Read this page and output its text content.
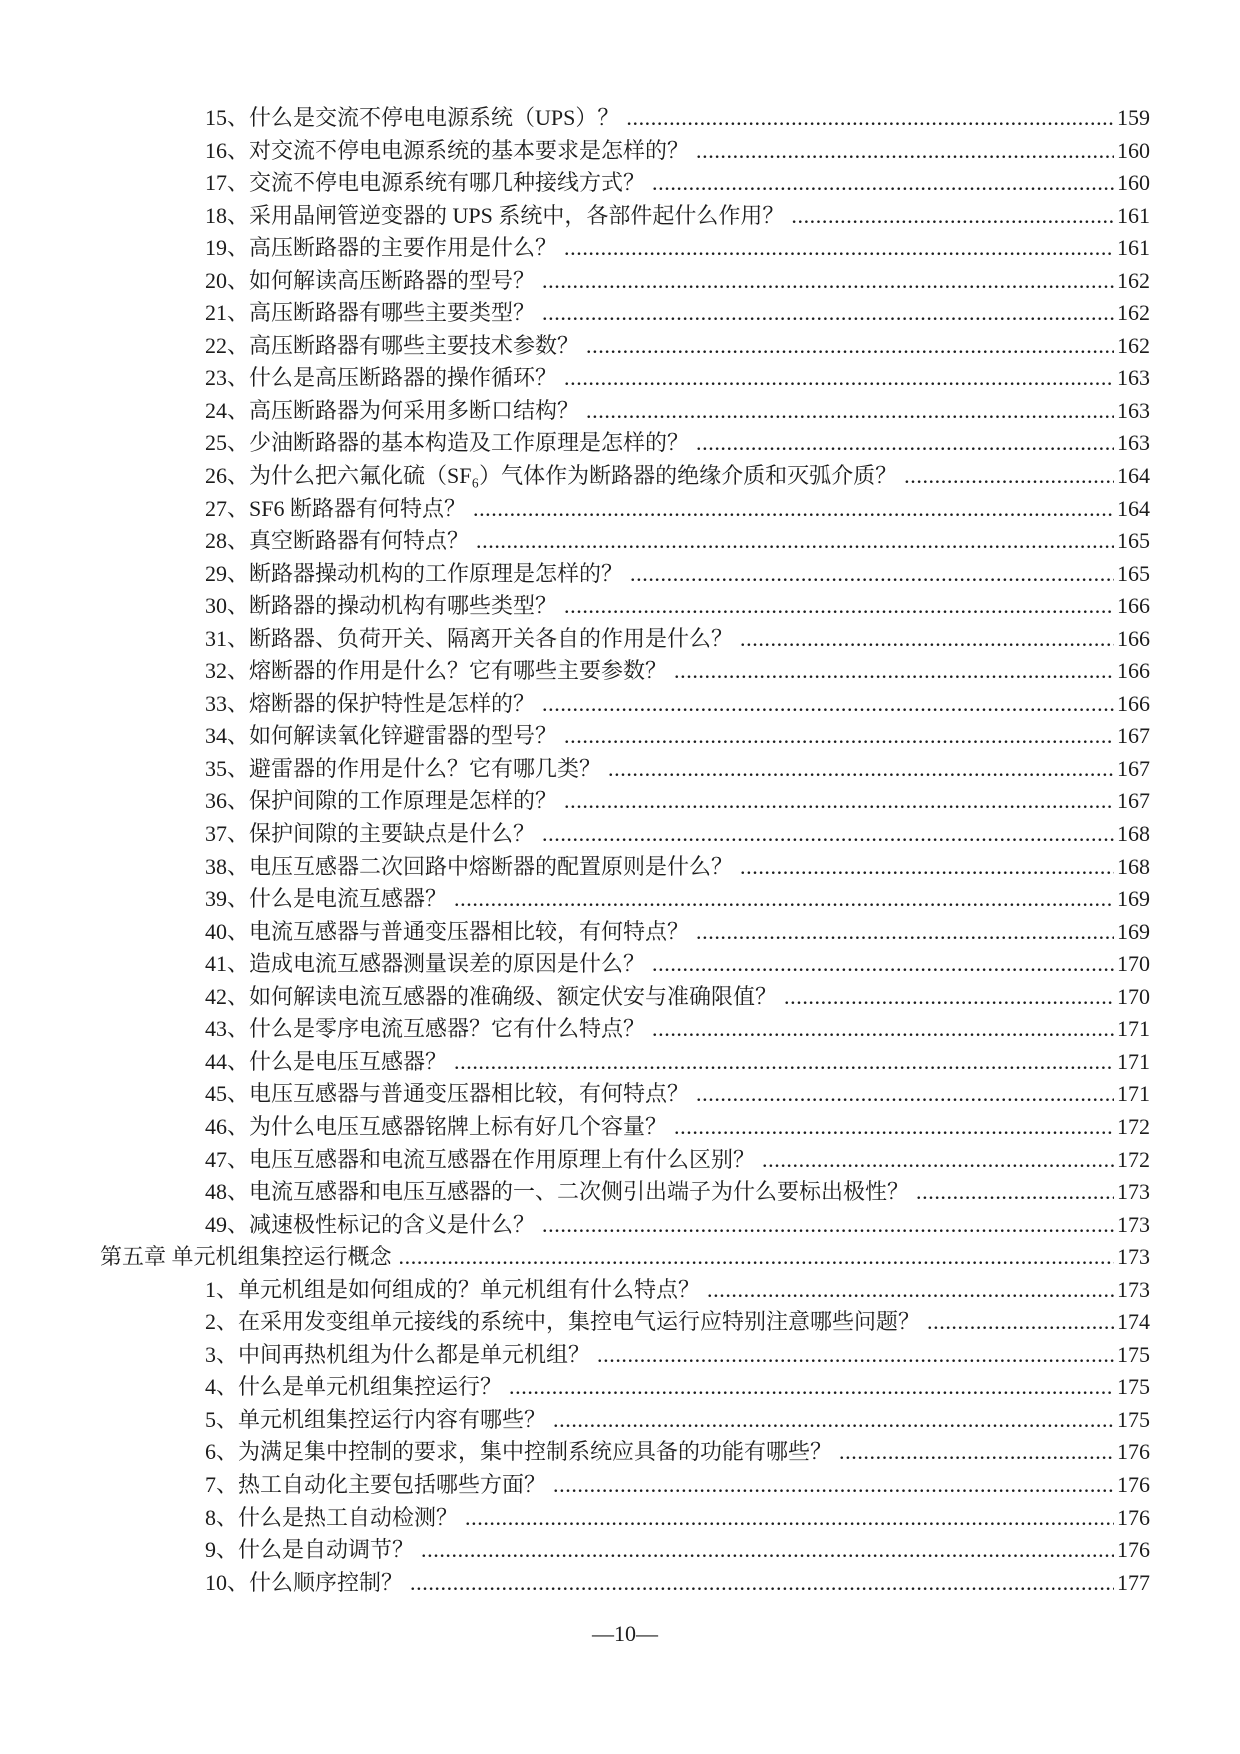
15、什么是交流不停电电源系统（UPS）？ .....	159
16、对交流不停电电源系统的基本要求是怎样的？ .....	160
17、交流不停电电源系统有哪几种接线方式？ .....	160
18、采用晶闸管逆变器的 UPS 系统中，各部件起什么作用？ .....	161
19、高压断路器的主要作用是什么？ .....	161
20、如何解读高压断路器的型号？ .....	162
21、高压断路器有哪些主要类型？ .....	162
22、高压断路器有哪些主要技术参数？ .....	162
23、什么是高压断路器的操作循环？ .....	163
24、高压断路器为何采用多断口结构？ .....	163
25、少油断路器的基本构造及工作原理是怎样的？ .....	163
26、为什么把六氟化硫（SF₆）气体作为断路器的绝缘介质和灭弧介质？ .....	164
27、SF6 断路器有何特点？ .....	164
28、真空断路器有何特点？ .....	165
29、断路器操动机构的工作原理是怎样的？ .....	165
30、断路器的操动机构有哪些类型？ .....	166
31、断路器、负荷开关、隔离开关各自的作用是什么？ .....	166
32、熔断器的作用是什么？它有哪些主要参数？ .....	166
33、熔断器的保护特性是怎样的？ .....	166
34、如何解读氧化锌避雷器的型号？ .....	167
35、避雷器的作用是什么？它有哪几类？ .....	167
36、保护间隙的工作原理是怎样的？ .....	167
37、保护间隙的主要缺点是什么？ .....	168
38、电压互感器二次回路中熔断器的配置原则是什么？ .....	168
39、什么是电流互感器？ .....	169
40、电流互感器与普通变压器相比较，有何特点？ .....	169
41、造成电流互感器测量误差的原因是什么？ .....	170
42、如何解读电流互感器的准确级、额定伏安与准确限值？ .....	170
43、什么是零序电流互感器？它有什么特点？ .....	171
44、什么是电压互感器？ .....	171
45、电压互感器与普通变压器相比较，有何特点？ .....	171
46、为什么电压互感器铭牌上标有好几个容量？ .....	172
47、电压互感器和电流互感器在作用原理上有什么区别？ .....	172
48、电流互感器和电压互感器的一、二次侧引出端子为什么要标出极性？ .....	173
49、减速极性标记的含义是什么？ .....	173
第五章 单元机组集控运行概念 .....	173
1、单元机组是如何组成的？单元机组有什么特点？ .....	173
2、在采用发变组单元接线的系统中，集控电气运行应特别注意哪些问题？ .....	174
3、中间再热机组为什么都是单元机组？ .....	175
4、什么是单元机组集控运行？ .....	175
5、单元机组集控运行内容有哪些？ .....	175
6、为满足集中控制的要求，集中控制系统应具备的功能有哪些？ .....	176
7、热工自动化主要包括哪些方面？ .....	176
8、什么是热工自动检测？ .....	176
9、什么是自动调节？ .....	176
10、什么顺序控制？ .....	177
—10—
